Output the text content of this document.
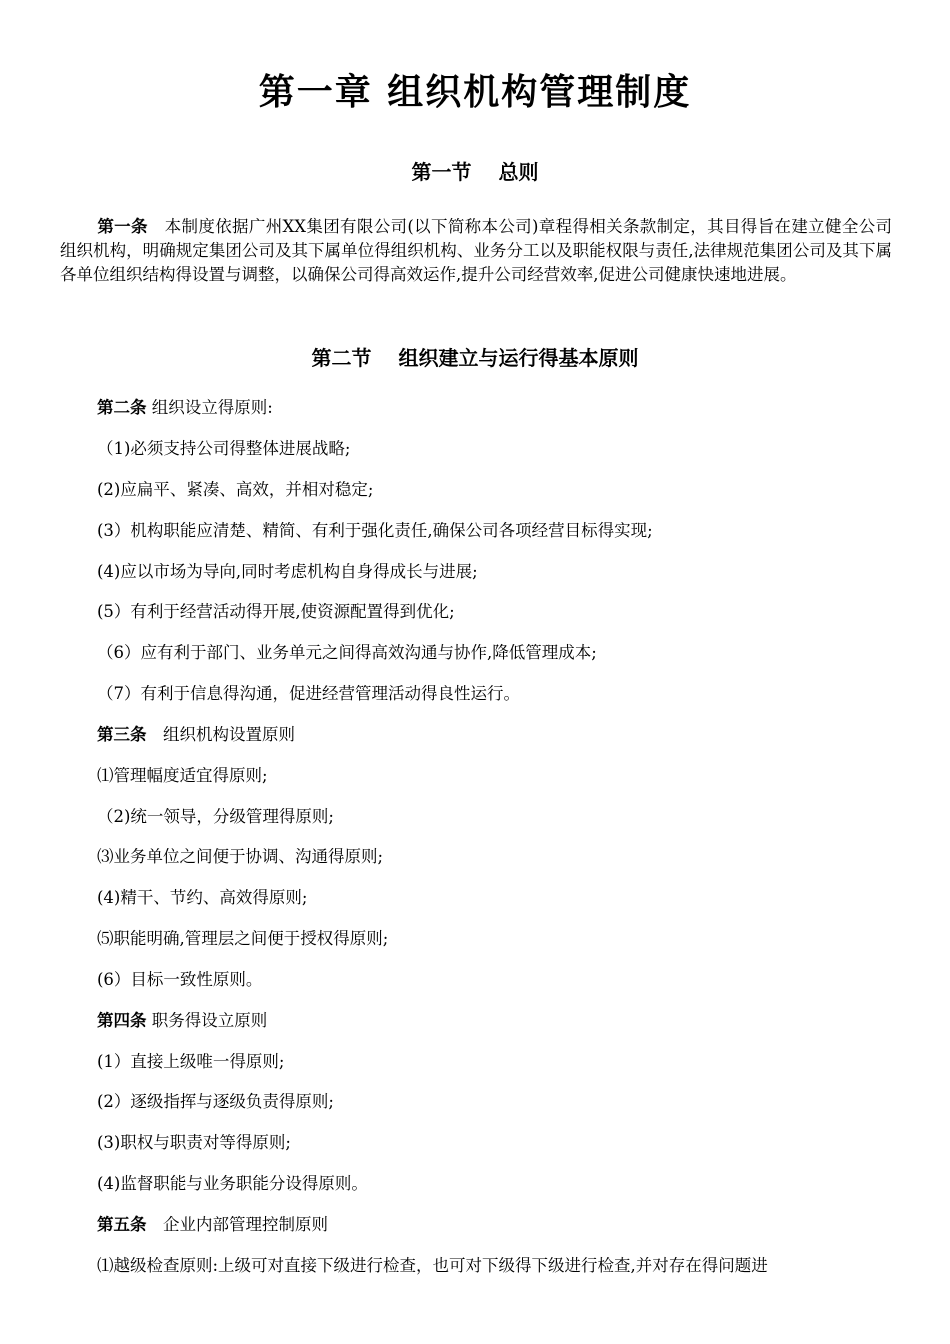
第一章 组织机构管理制度
第一节　 总则
第一条　本制度依据广州XX集团有限公司(以下简称本公司)章程得相关条款制定，其目得旨在建立健全公司组织机构，明确规定集团公司及其下属单位得组织机构、业务分工以及职能权限与责任,法律规范集团公司及其下属各单位组织结构得设置与调整，以确保公司得高效运作,提升公司经营效率,促进公司健康快速地进展。
第二节　 组织建立与运行得基本原则
第二条 组织设立得原则:
（1)必须支持公司得整体进展战略;
(2)应扁平、紧凑、高效，并相对稳定;
(3）机构职能应清楚、精简、有利于强化责任,确保公司各项经营目标得实现;
(4)应以市场为导向,同时考虑机构自身得成长与进展;
(5）有利于经营活动得开展,使资源配置得到优化;
（6）应有利于部门、业务单元之间得高效沟通与协作,降低管理成本;
（7）有利于信息得沟通，促进经营管理活动得良性运行。
第三条　组织机构设置原则
⑴管理幅度适宜得原则;
（2)统一领导，分级管理得原则;
⑶业务单位之间便于协调、沟通得原则;
(4)精干、节约、高效得原则;
⑸职能明确,管理层之间便于授权得原则;
(6）目标一致性原则。
第四条 职务得设立原则
(1）直接上级唯一得原则;
(2）逐级指挥与逐级负责得原则;
(3)职权与职责对等得原则;
(4)监督职能与业务职能分设得原则。
第五条　企业内部管理控制原则
⑴越级检查原则:上级可对直接下级进行检查，也可对下级得下级进行检查,并对存在得问题进
